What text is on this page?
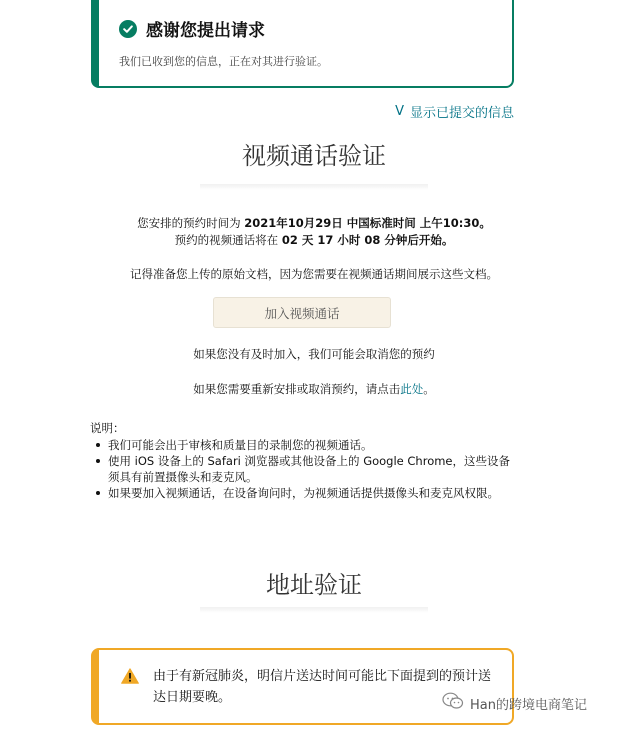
感谢您提出请求
我们已收到您的信息，正在对其进行验证。
V 显示已提交的信息
视频通话验证
您安排的预约时间为 2021年10月29日 中国标准时间 上午10:30。
预约的视频通话将在 02 天 17 小时 08 分钟后开始。
记得准备您上传的原始文档，因为您需要在视频通话期间展示这些文档。
加入视频通话
如果您没有及时加入，我们可能会取消您的预约
如果您需要重新安排或取消预约，请点击此处。
说明：
我们可能会出于审核和质量目的录制您的视频通话。
使用 iOS 设备上的 Safari 浏览器或其他设备上的 Google Chrome，这些设备须具有前置摄像头和麦克风。
如果要加入视频通话，在设备询问时，为视频通话提供摄像头和麦克风权限。
地址验证
由于有新冠肺炎，明信片送达时间可能比下面提到的预计送达日期要晚。	Han的跨境电商笔记
